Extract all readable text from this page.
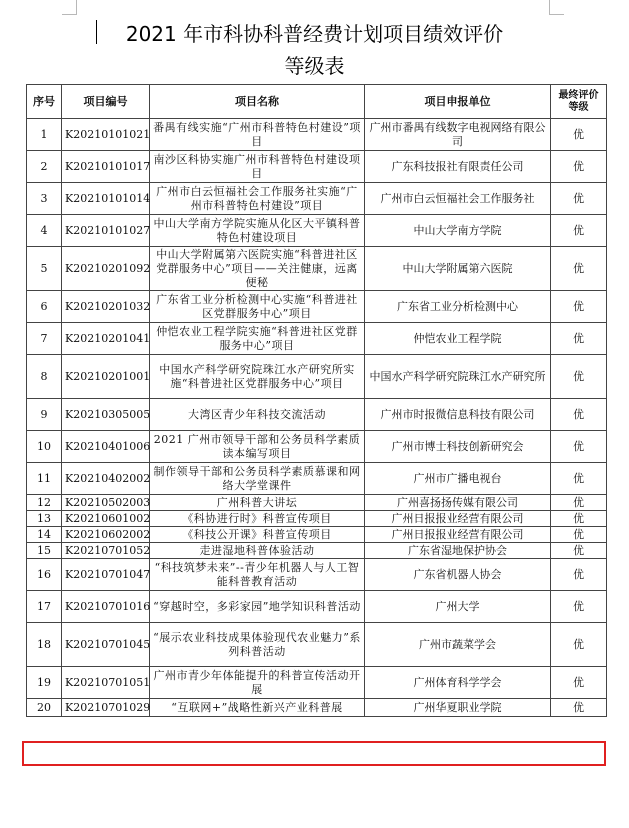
2021 年市科协科普经费计划项目绩效评价
等级表
序号	项目编号	项目名称	项目申报单位	最终评价等级
1	K20210101021	番禺有线实施“广州市科普特色村建设”项目	广州市番禺有线数字电视网络有限公司	优
2	K20210101017	南沙区科协实施广州市科普特色村建设项目	广东科技报社有限责任公司	优
3	K20210101014	广州市白云恒福社会工作服务社实施“广州市科普特色村建设”项目	广州市白云恒福社会工作服务社	优
4	K20210101027	中山大学南方学院实施从化区大平镇科普特色村建设项目	中山大学南方学院	优
5	K20210201092	中山大学附属第六医院实施“科普进社区党群服务中心”项目——关注健康，远离便秘	中山大学附属第六医院	优
6	K20210201032	广东省工业分析检测中心实施“科普进社区党群服务中心”项目	广东省工业分析检测中心	优
7	K20210201041	仲恺农业工程学院实施“科普进社区党群服务中心”项目	仲恺农业工程学院	优
8	K20210201001	中国水产科学研究院珠江水产研究所实施“科普进社区党群服务中心”项目	中国水产科学研究院珠江水产研究所	优
9	K20210305005	大湾区青少年科技交流活动	广州市时报微信息科技有限公司	优
10	K20210401006	2021 广州市领导干部和公务员科学素质读本编写项目	广州市博士科技创新研究会	优
11	K20210402002	制作领导干部和公务员科学素质慕课和网络大学堂课件	广州市广播电视台	优
12	K20210502003	广州科普大讲坛	广州喜扬扬传媒有限公司	优
13	K20210601002	《科协进行时》科普宣传项目	广州日报报业经营有限公司	优
14	K20210602002	《科技公开课》科普宣传项目	广州日报报业经营有限公司	优
15	K20210701052	走进湿地科普体验活动	广东省湿地保护协会	优
16	K20210701047	“科技筑梦未来”--青少年机器人与人工智能科普教育活动	广东省机器人协会	优
17	K20210701016	“穿越时空，多彩家园”地学知识科普活动	广州大学	优
18	K20210701045	“展示农业科技成果体验现代农业魅力”系列科普活动	广州市蔬菜学会	优
19	K20210701051	广州市青少年体能提升的科普宣传活动开展	广州体育科学学会	优
20	K20210701029	“互联网+”战略性新兴产业科普展	广州华夏职业学院	优
